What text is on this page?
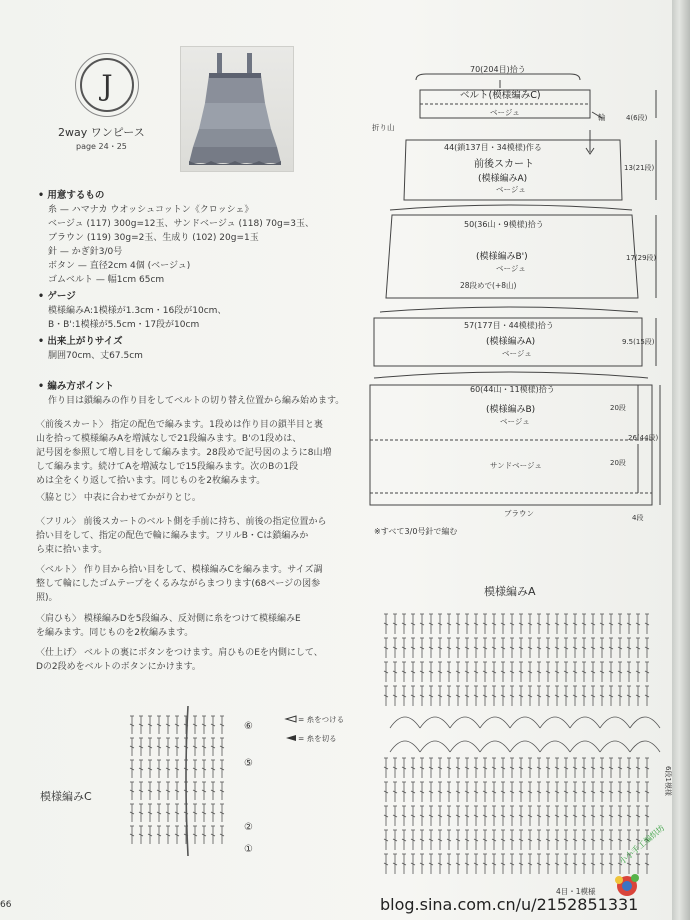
J
2way ワンピース
page 24・25
• 用意するもの
糸 — ハマナカ ウオッシュコットン《クロッシェ》
ベージュ (117) 300g=12玉、サンドベージュ (118) 70g=3玉、
ブラウン (119) 30g=2玉、生成り (102) 20g=1玉
針 — かぎ針3/0号
ボタン — 直径2cm 4個 (ベージュ)
ゴムベルト — 幅1cm 65cm
• ゲージ
模様編みA:1模様が1.3cm・16段が10cm、
B・B':1模様が5.5cm・17段が10cm
• 出来上がりサイズ
胴囲70cm、丈67.5cm
• 編み方ポイント
作り目は鎖編みの作り目をしてベルトの切り替え位置から編み始めます。
〈前後スカート〉 指定の配色で編みます。1段めは作り目の鎖半目と裏
山を拾って模様編みAを増減なしで21段編みます。B'の1段めは、
記号図を参照して増し目をして編みます。28段めで記号図のように8山増
して編みます。続けてAを増減なしで15段編みます。次のBの1段
めは全をくり返して拾います。同じものを2枚編みます。
〈脇とじ〉 中表に合わせてかがりとじ。
〈フリル〉 前後スカートのベルト側を手前に持ち、前後の指定位置から
拾い目をして、指定の配色で輪に編みます。フリルB・Cは鎖編みか
ら束に拾います。
〈ベルト〉 作り目から拾い目をして、模様編みCを編みます。サイズ調
整して輪にしたゴムテープをくるみながらまつります(68ページの図参
照)。
〈肩ひも〉 模様編みDを5段編み、反対側に糸をつけて模様編みE
を編みます。同じものを2枚編みます。
〈仕上げ〉 ベルトの裏にボタンをつけます。肩ひものEを内側にして、
Dの2段めをベルトのボタンにかけます。
70(204目)拾う
ベルト(模様編みC)
ベージュ
輪
折り山
4(6段)
44(鎖137目・34模様)作る
前後スカート
(模様編みA)
ベージュ
13(21段)
50(36山・9模様)拾う
(模様編みB')
ベージュ
28段めで(+8山)
17(29段)
57(177目・44模様)拾う
(模様編みA)
ベージュ
9.5(15段)
60(44山・11模様)拾う
(模様編みB)
ベージュ
サンドベージュ
ブラウン
20段
20段
4段
26(44段)
※すべて3/0号針で編む
模様編みA
6段1模様
4目・1模様
模様編みC
⑥
⑤
②
①
= 糸をつける
= 糸を切る
66
小小手工编织坊
blog.sina.com.cn/u/2152851331
